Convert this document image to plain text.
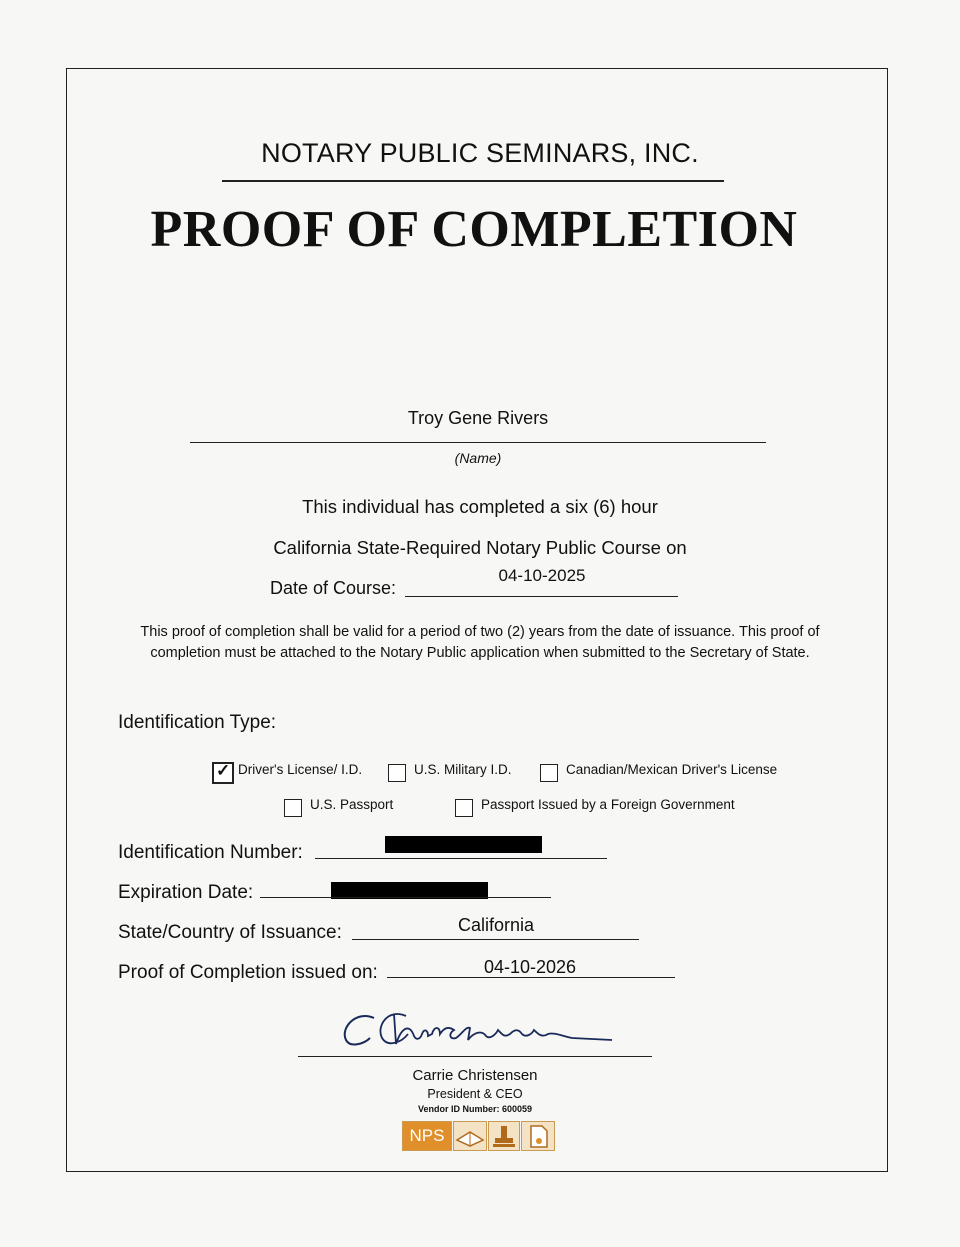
NOTARY PUBLIC SEMINARS, INC.
PROOF OF COMPLETION
Troy Gene Rivers
(Name)
This individual has completed a six (6) hour
California State-Required Notary Public Course on
Date of Course:
04-10-2025
This proof of completion shall be valid for a period of two (2) years from the date of issuance. This proof of
completion must be attached to the Notary Public application when submitted to the Secretary of State.
Identification Type:
✓ Driver's License/ I.D.	U.S. Military I.D.	Canadian/Mexican Driver's License
U.S. Passport	Passport Issued by a Foreign Government
Identification Number:
Expiration Date:
State/Country of Issuance:	California
Proof of Completion issued on:	04-10-2026
Carrie Christensen
President & CEO
Vendor ID Number: 600059
NPS
